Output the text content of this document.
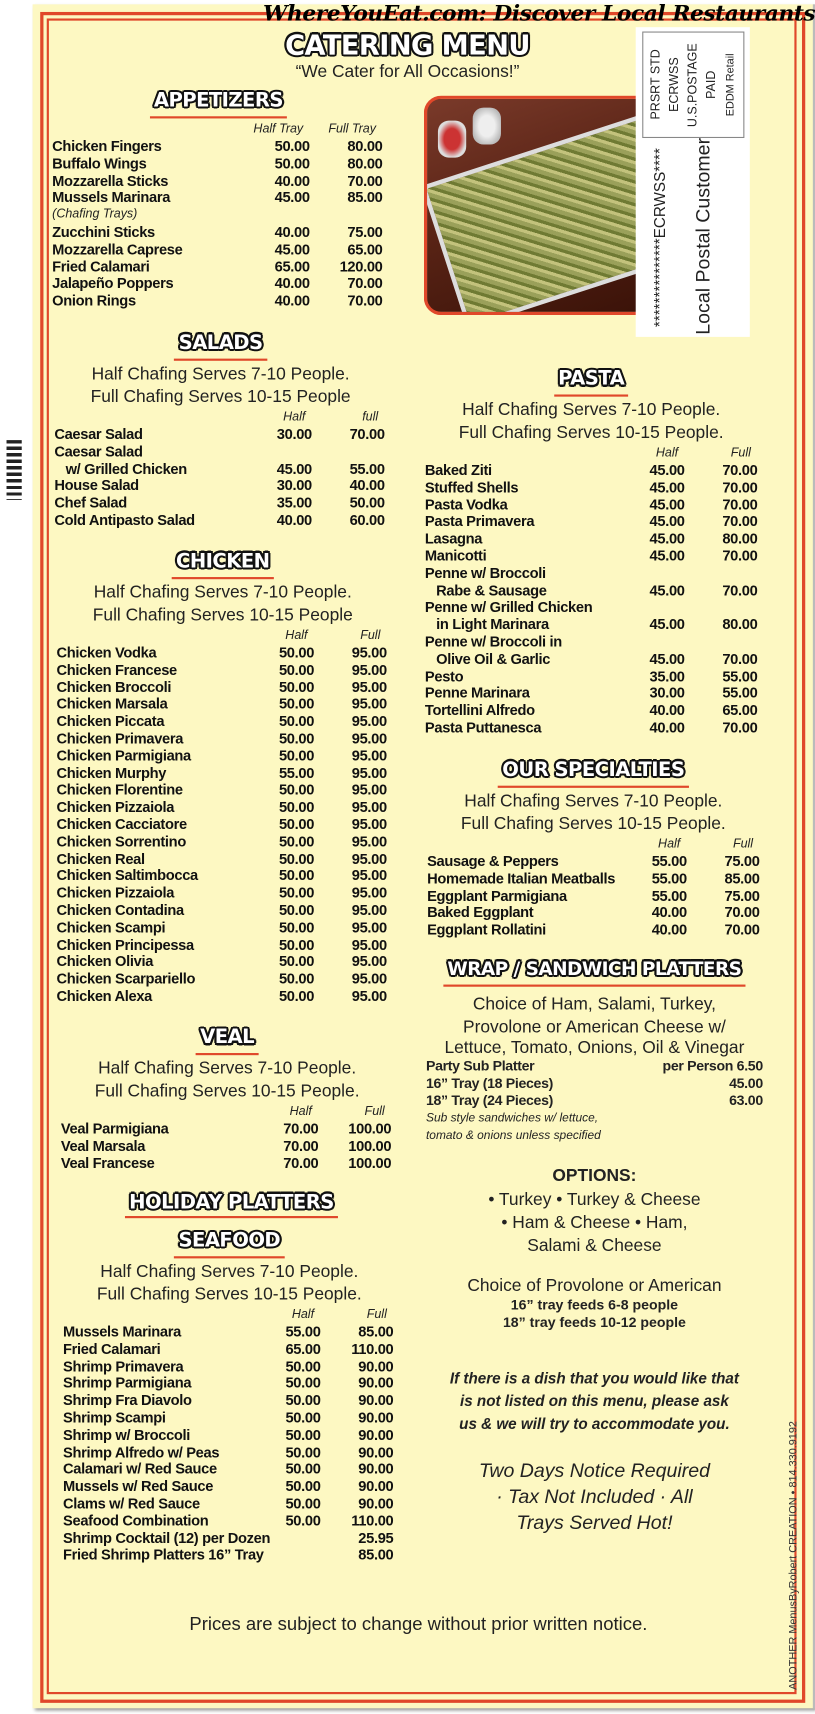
WhereYouEat.com: Discover Local Restaurants
CATERING MENU
“We Cater for All Occasions!”	PRSRT STD ECRWSS U.S.POSTAGE PAID EDDM Retail
***************ECRWSS**** Local Postal Customer
APPETIZERS
Half Tray	Full Tray
Chicken Fingers	50.00	80.00
Buffalo Wings	50.00	80.00
Mozzarella Sticks	40.00	70.00
Mussels Marinara	45.00	85.00
(Chafing Trays)
Zucchini Sticks	40.00	75.00
Mozzarella Caprese	45.00	65.00
Fried Calamari	65.00	120.00
Jalapeño Poppers	40.00	70.00
Onion Rings	40.00	70.00
SALADS
Half Chafing Serves 7-10 People.
Full Chafing Serves 10-15 People
Half	full
Caesar Salad	30.00	70.00
Caesar Salad
w/ Grilled Chicken	45.00	55.00
House Salad	30.00	40.00
Chef Salad	35.00	50.00
Cold Antipasto Salad	40.00	60.00
CHICKEN
Half Chafing Serves 7-10 People.
Full Chafing Serves 10-15 People
Half	Full
Chicken Vodka	50.00	95.00
Chicken Francese	50.00	95.00
Chicken Broccoli	50.00	95.00
Chicken Marsala	50.00	95.00
Chicken Piccata	50.00	95.00
Chicken Primavera	50.00	95.00
Chicken Parmigiana	50.00	95.00
Chicken Murphy	55.00	95.00
Chicken Florentine	50.00	95.00
Chicken Pizzaiola	50.00	95.00
Chicken Cacciatore	50.00	95.00
Chicken Sorrentino	50.00	95.00
Chicken Real	50.00	95.00
Chicken Saltimbocca	50.00	95.00
Chicken Pizzaiola	50.00	95.00
Chicken Contadina	50.00	95.00
Chicken Scampi	50.00	95.00
Chicken Principessa	50.00	95.00
Chicken Olivia	50.00	95.00
Chicken Scarpariello	50.00	95.00
Chicken Alexa	50.00	95.00
VEAL
Half Chafing Serves 7-10 People.
Full Chafing Serves 10-15 People.
Half	Full
Veal Parmigiana	70.00	100.00
Veal Marsala	70.00	100.00
Veal Francese	70.00	100.00
SEAFOOD
Half Chafing Serves 7-10 People.
Full Chafing Serves 10-15 People.
Half	Full
Mussels Marinara	55.00	85.00
Fried Calamari	65.00	110.00
Shrimp Primavera	50.00	90.00
Shrimp Parmigiana	50.00	90.00
Shrimp Fra Diavolo	50.00	90.00
Shrimp Scampi	50.00	90.00
Shrimp w/ Broccoli	50.00	90.00
Shrimp Alfredo w/ Peas	50.00	90.00
Calamari w/ Red Sauce	50.00	90.00
Mussels w/ Red Sauce	50.00	90.00
Clams w/ Red Sauce	50.00	90.00
Seafood Combination	50.00	110.00
Shrimp Cocktail (12) per Dozen	25.95
Fried Shrimp Platters 16” Tray	85.00
PASTA
Half Chafing Serves 7-10 People.
Full Chafing Serves 10-15 People.
Half	Full
Baked Ziti	45.00	70.00
Stuffed Shells	45.00	70.00
Pasta Vodka	45.00	70.00
Pasta Primavera	45.00	70.00
Lasagna	45.00	80.00
Manicotti	45.00	70.00
Penne w/ Broccoli
Rabe & Sausage	45.00	70.00
Penne w/ Grilled Chicken
in Light Marinara	45.00	80.00
Penne w/ Broccoli in
Olive Oil & Garlic	45.00	70.00
Pesto	35.00	55.00
Penne Marinara	30.00	55.00
Tortellini Alfredo	40.00	65.00
Pasta Puttanesca	40.00	70.00
OUR SPECIALTIES
Half Chafing Serves 7-10 People.
Full Chafing Serves 10-15 People.
Half	Full
Sausage & Peppers	55.00	75.00
Homemade Italian Meatballs	55.00	85.00
Eggplant Parmigiana	55.00	75.00
Baked Eggplant	40.00	70.00
Eggplant Rollatini	40.00	70.00
HOLIDAY PLATTERS
WRAP / SANDWICH PLATTERS
Choice of Ham, Salami, Turkey,
Provolone or American Cheese w/
Lettuce, Tomato, Onions, Oil & Vinegar
Party Sub Platter	per Person 6.50
16” Tray (18 Pieces)	45.00
18” Tray (24 Pieces)	63.00
Sub style sandwiches w/ lettuce,
tomato & onions unless specified
OPTIONS:
• Turkey • Turkey & Cheese
• Ham & Cheese • Ham,
Salami & Cheese
Choice of Provolone or American
16” tray feeds 6-8 people
18” tray feeds 10-12 people
If there is a dish that you would like that
is not listed on this menu, please ask
us & we will try to accommodate you.
Two Days Notice Required
· Tax Not Included · All
Trays Served Hot!
Prices are subject to change without prior written notice.	ANOTHER MenusByRobert CREATION • 814.330.9192
